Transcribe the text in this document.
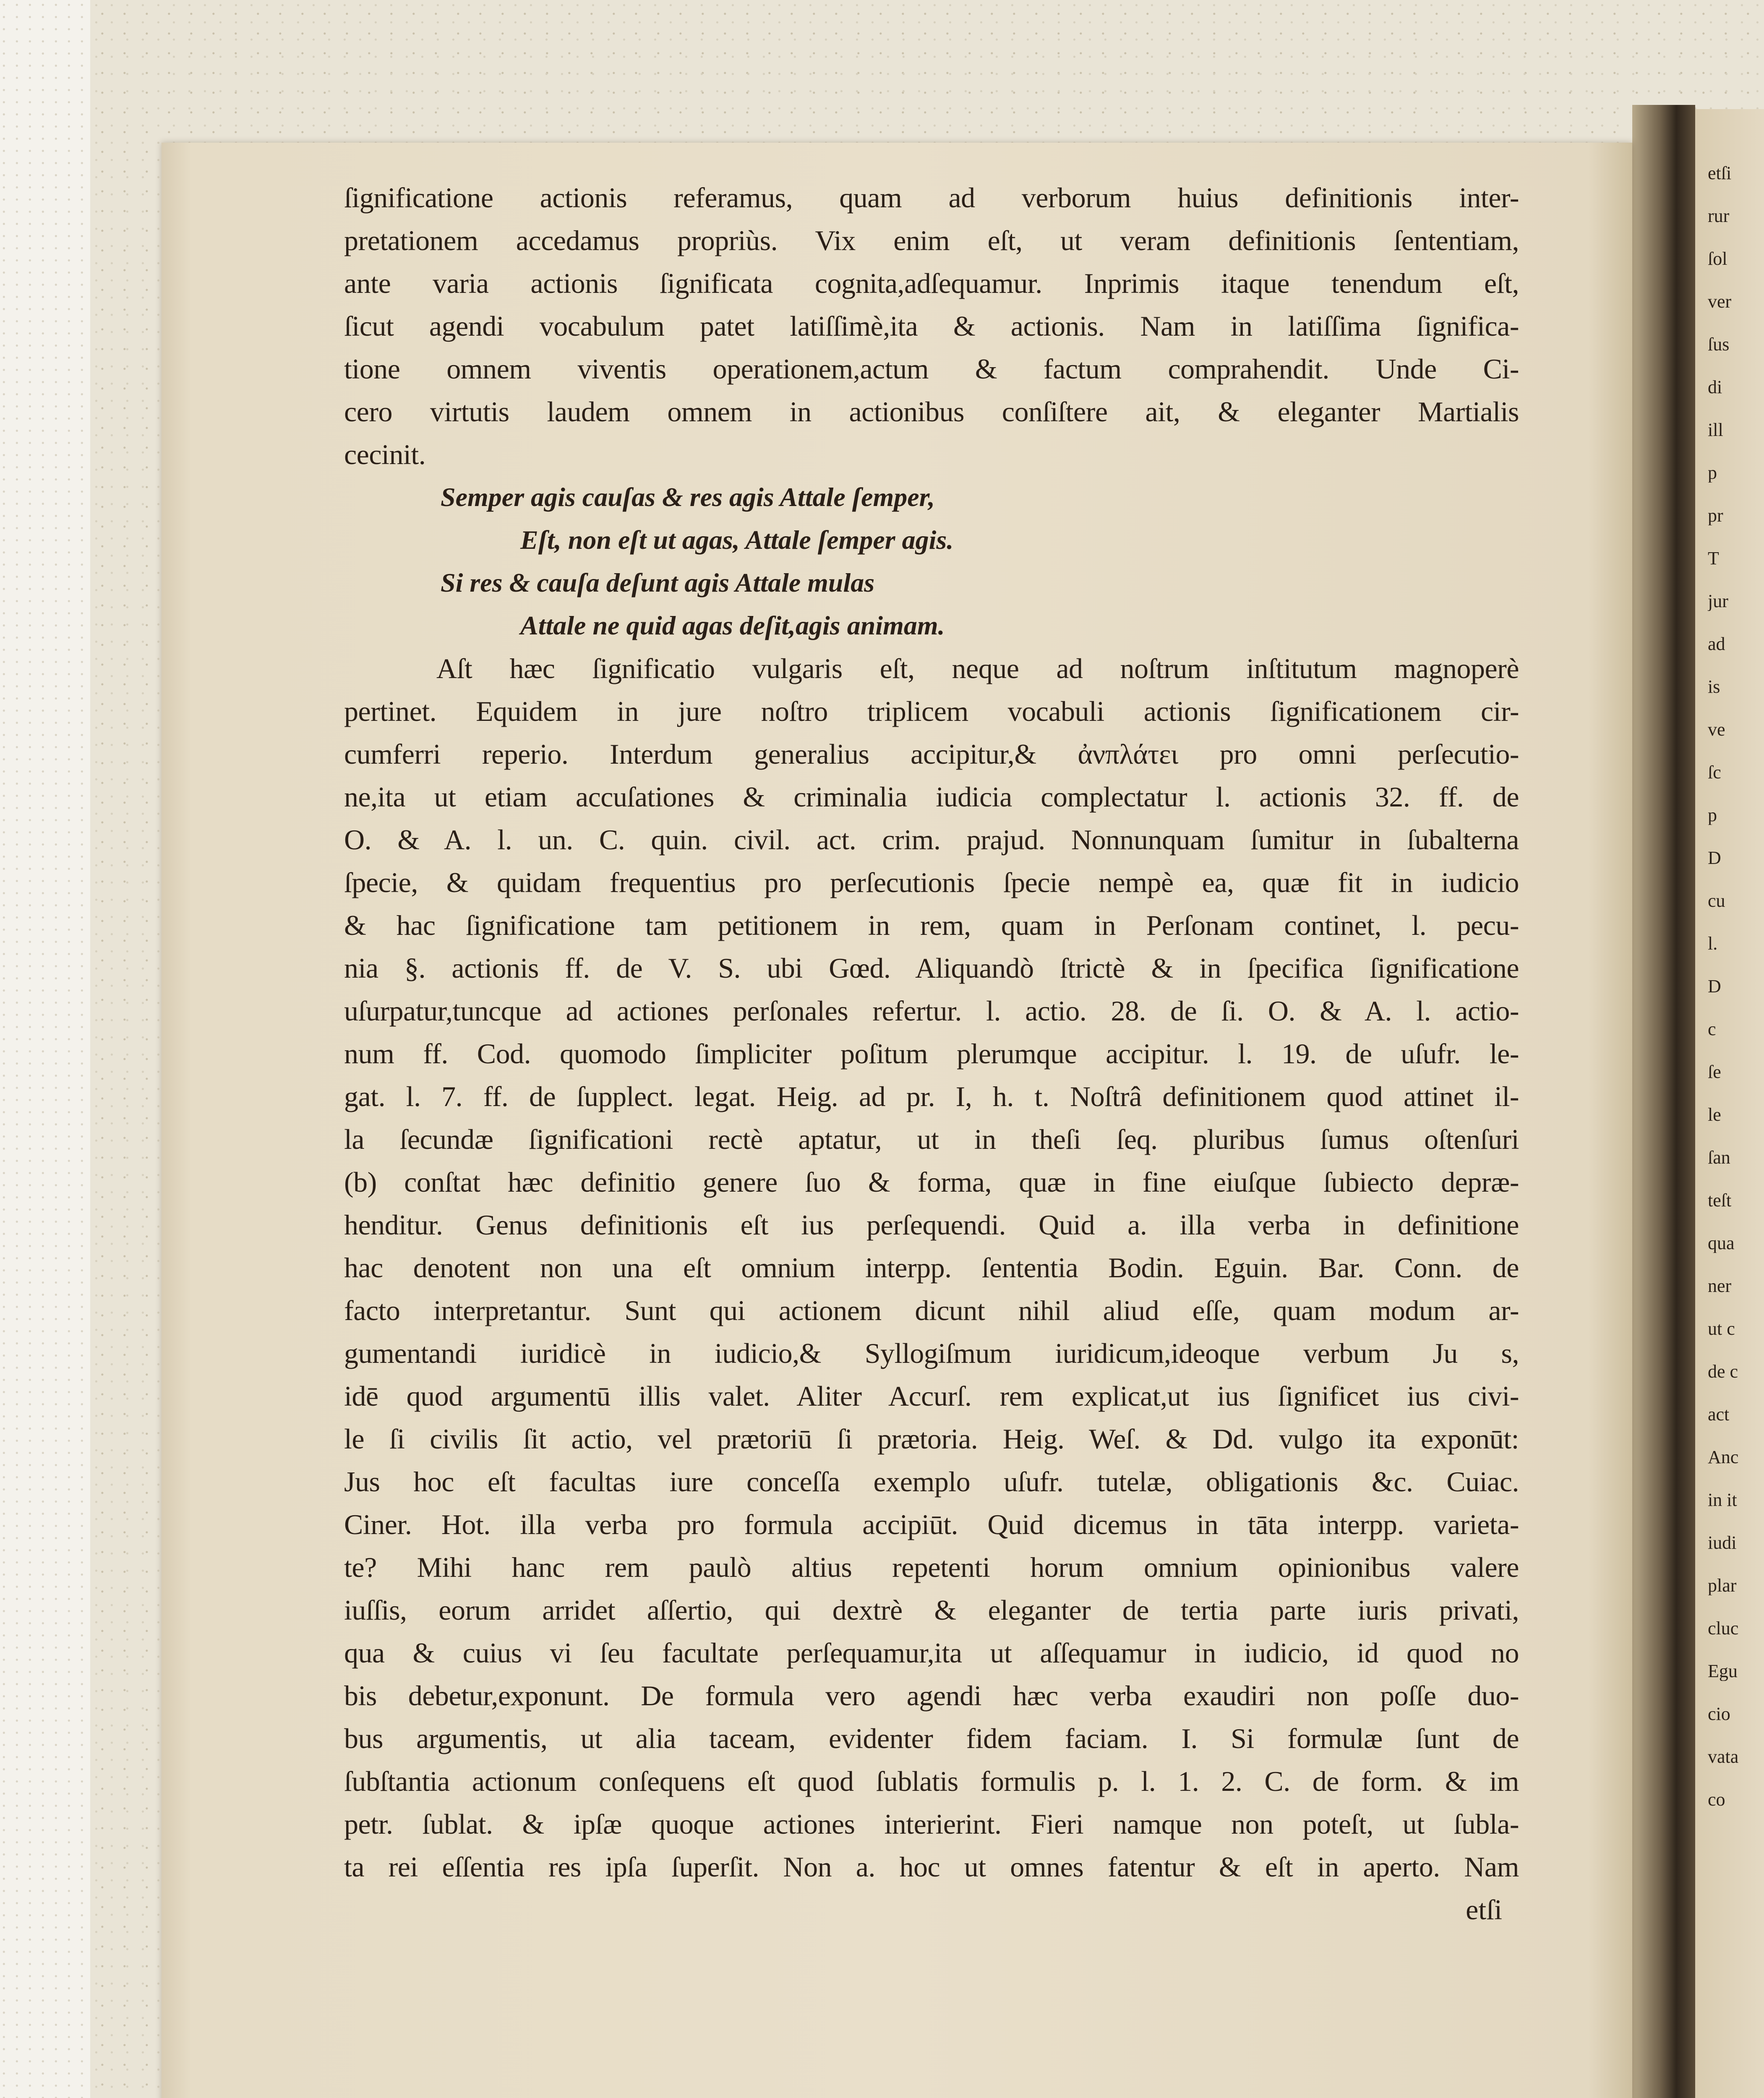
etſi
rur
ſol
ver
ſus
di
ill
p
pr
T
jur
ad
is
ve
ſc
p
D
cu
l.
D
c
ſe
le
ſan
teſt
qua
ner
ut c
de c
act
Anc
in it
iudi
plar
cluc
Egu
cio
vata
co
ſignificatione actionis referamus, quam ad verborum huius definitionis inter-
pretationem accedamus propriùs. Vix enim eſt, ut veram definitionis ſententiam,
ante varia actionis ſignificata cognita,adſequamur. Inprimis itaque tenendum eſt,
ſicut agendi vocabulum patet latiſſimè,ita & actionis. Nam in latiſſima ſignifica-
tione omnem viventis operationem,actum & factum comprahendit. Unde Ci-
cero virtutis laudem omnem in actionibus conſiſtere ait, & eleganter Martialis
cecinit.
Semper agis cauſas & res agis Attale ſemper,
Eſt, non eſt ut agas, Attale ſemper agis.
Si res & cauſa deſunt agis Attale mulas
Attale ne quid agas deſit,agis animam.
Aſt hæc ſignificatio vulgaris eſt, neque ad noſtrum inſtitutum magnoperè
pertinet. Equidem in jure noſtro triplicem vocabuli actionis ſignificationem cir-
cumferri reperio. Interdum generalius accipitur,& ἀνπλάτει pro omni perſecutio-
ne,ita ut etiam accuſationes & criminalia iudicia complectatur l. actionis 32. ff. de
O. & A. l. un. C. quin. civil. act. crim. prajud. Nonnunquam ſumitur in ſubalterna
ſpecie, & quidam frequentius pro perſecutionis ſpecie nempè ea, quæ fit in iudicio
& hac ſignificatione tam petitionem in rem, quam in Perſonam continet, l. pecu-
nia §. actionis ff. de V. S. ubi Gœd. Aliquandò ſtrictè & in ſpecifica ſignificatione
uſurpatur,tuncque ad actiones perſonales refertur. l. actio. 28. de ſi. O. & A. l. actio-
num ff. Cod. quomodo ſimpliciter poſitum plerumque accipitur. l. 19. de uſufr. le-
gat. l. 7. ff. de ſupplect. legat. Heig. ad pr. I, h. t. Noſtrâ definitionem quod attinet il-
la ſecundæ ſignificationi rectè aptatur, ut in theſi ſeq. pluribus ſumus oſtenſuri
(b) conſtat hæc definitio genere ſuo & forma, quæ in fine eiuſque ſubiecto depræ-
henditur. Genus definitionis eſt ius perſequendi. Quid a. illa verba in definitione
hac denotent non una eſt omnium interpp. ſententia Bodin. Eguin. Bar. Conn. de
facto interpretantur. Sunt qui actionem dicunt nihil aliud eſſe, quam modum ar-
gumentandi iuridicè in iudicio,& Syllogiſmum iuridicum,ideoque verbum Ju s,
idē quod argumentū illis valet. Aliter Accurſ. rem explicat,ut ius ſignificet ius civi-
le ſi civilis ſit actio, vel prætoriū ſi prætoria. Heig. Weſ. & Dd. vulgo ita exponūt:
Jus hoc eſt facultas iure conceſſa exemplo uſufr. tutelæ, obligationis &c. Cuiac.
Ciner. Hot. illa verba pro formula accipiūt. Quid dicemus in tāta interpp. varieta-
te? Mihi hanc rem paulò altius repetenti horum omnium opinionibus valere
iuſſis, eorum arridet aſſertio, qui dextrè & eleganter de tertia parte iuris privati,
qua & cuius vi ſeu facultate perſequamur,ita ut aſſequamur in iudicio, id quod no
bis debetur,exponunt. De formula vero agendi hæc verba exaudiri non poſſe duo-
bus argumentis, ut alia taceam, evidenter fidem faciam. I. Si formulæ ſunt de
ſubſtantia actionum conſequens eſt quod ſublatis formulis p. l. 1. 2. C. de form. & im
petr. ſublat. & ipſæ quoque actiones interierint. Fieri namque non poteſt, ut ſubla-
ta rei eſſentia res ipſa ſuperſit. Non a. hoc ut omnes fatentur & eſt in aperto. Nam
etſi
